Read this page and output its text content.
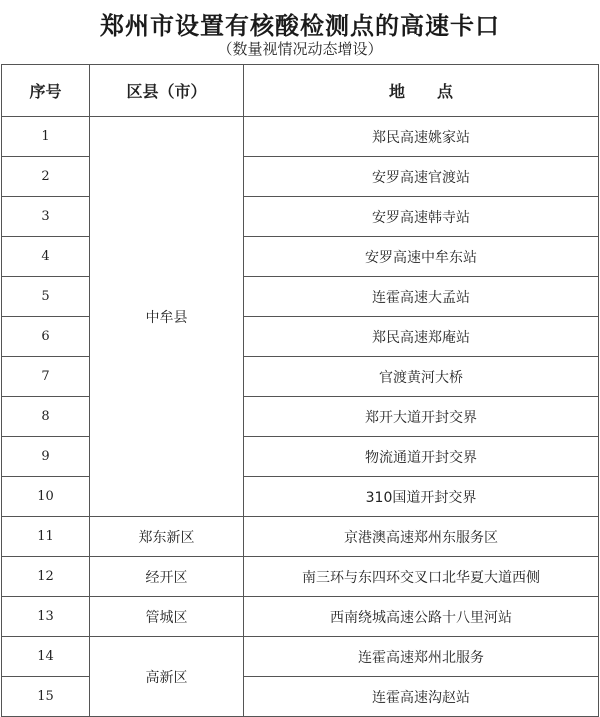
郑州市设置有核酸检测点的高速卡口
（数量视情况动态增设）
序号	区县（市）	地　　点
1	中牟县	郑民高速姚家站
2		安罗高速官渡站
3		安罗高速韩寺站
4		安罗高速中牟东站
5		连霍高速大孟站
6		郑民高速郑庵站
7		官渡黄河大桥
8		郑开大道开封交界
9		物流通道开封交界
10		310国道开封交界
11	郑东新区	京港澳高速郑州东服务区
12	经开区	南三环与东四环交叉口北华夏大道西侧
13	管城区	西南绕城高速公路十八里河站
14	高新区	连霍高速郑州北服务
15		连霍高速沟赵站
